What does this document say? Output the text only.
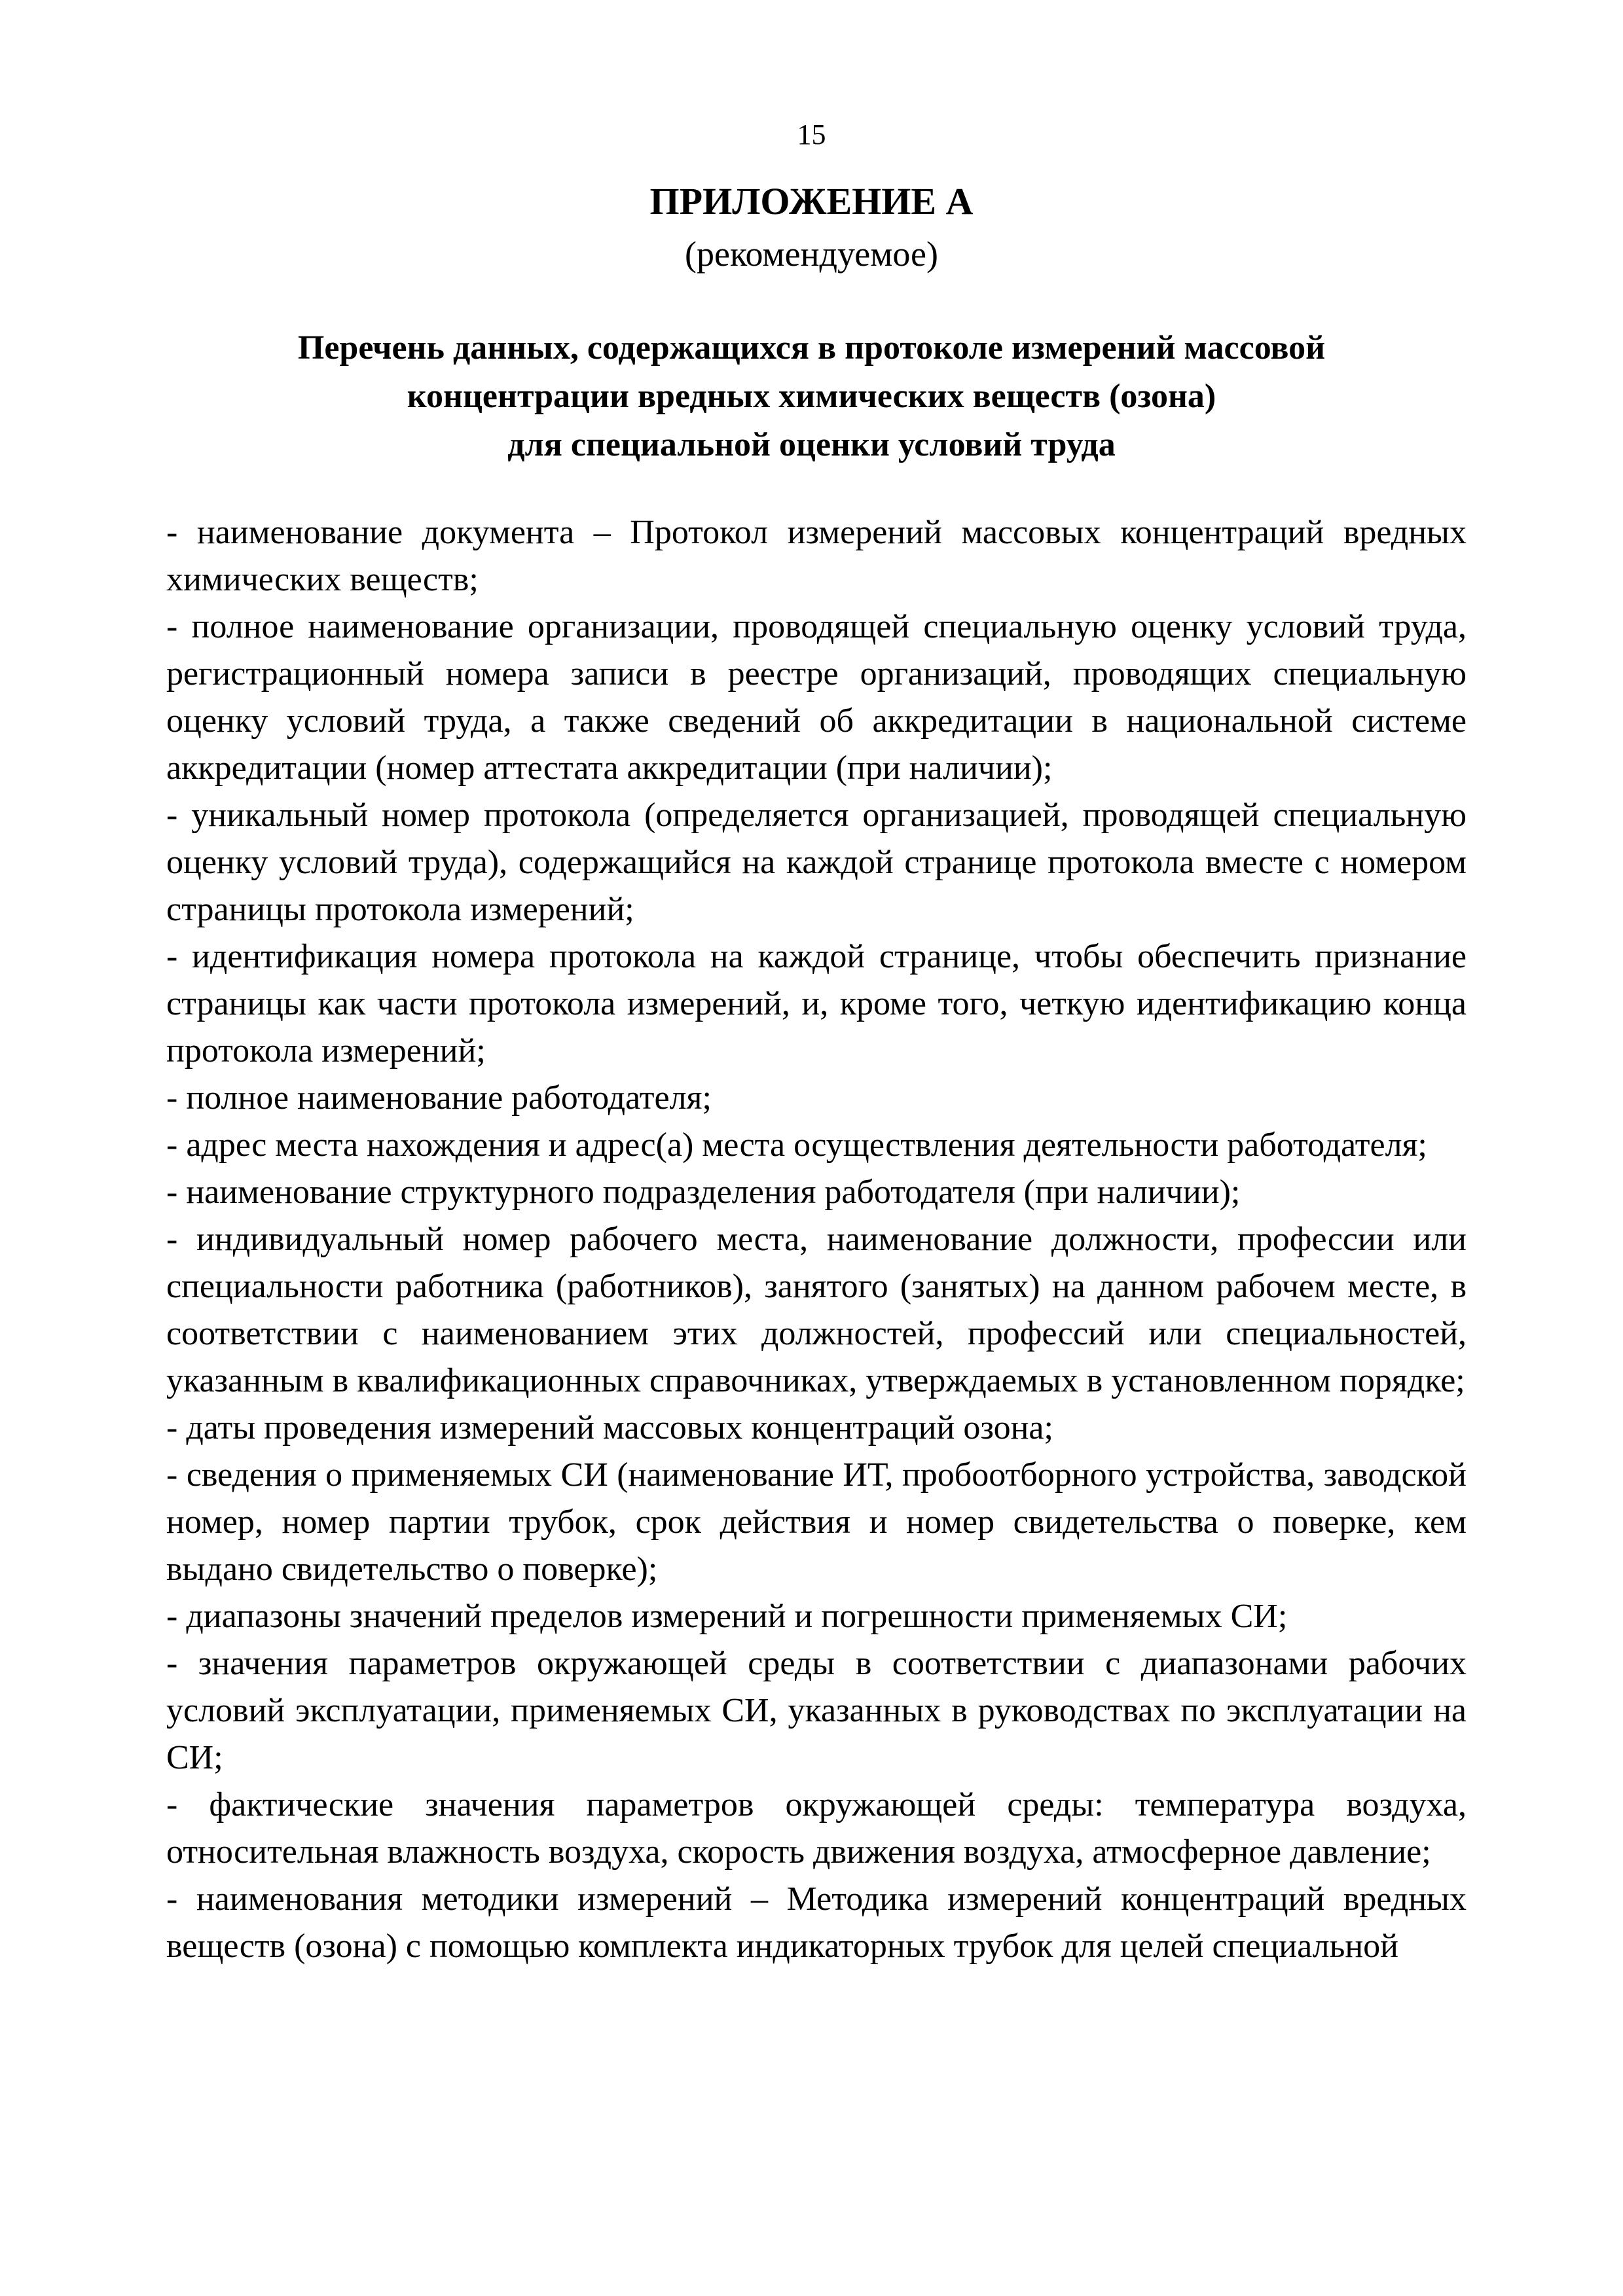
15
ПРИЛОЖЕНИЕ А
(рекомендуемое)
Перечень данных, содержащихся в протоколе измерений массовой
концентрации вредных химических веществ (озона)
для специальной оценки условий труда

- наименование документа – Протокол измерений массовых концентраций вредных химических веществ;

- полное наименование организации, проводящей специальную оценку условий труда, регистрационный номера записи в реестре организаций, проводящих специальную оценку условий труда, а также сведений об аккредитации в национальной системе аккредитации (номер аттестата аккредитации (при наличии);

- уникальный номер протокола (определяется организацией, проводящей специальную оценку условий труда), содержащийся на каждой странице протокола вместе с номером страницы протокола измерений;

- идентификация номера протокола на каждой странице, чтобы обеспечить признание страницы как части протокола измерений, и, кроме того, четкую идентификацию конца протокола измерений;

- полное наименование работодателя;

- адрес места нахождения и адрес(а) места осуществления деятельности работодателя;

- наименование структурного подразделения работодателя (при наличии);

- индивидуальный номер рабочего места, наименование должности, профессии или специальности работника (работников), занятого (занятых) на данном рабочем месте, в соответствии с наименованием этих должностей, профессий или специальностей, указанным в квалификационных справочниках, утверждаемых в установленном порядке;

- даты проведения измерений массовых концентраций озона;

- сведения о применяемых СИ (наименование ИТ, пробоотборного устройства, заводской номер, номер партии трубок, срок действия и номер свидетельства о поверке, кем выдано свидетельство о поверке);

- диапазоны значений пределов измерений и погрешности применяемых СИ;

- значения параметров окружающей среды в соответствии с диапазонами рабочих условий эксплуатации, применяемых СИ, указанных в руководствах по эксплуатации на СИ;

- фактические значения параметров окружающей среды: температура воздуха, относительная влажность воздуха, скорость движения воздуха, атмосферное давление;

- наименования методики измерений – Методика измерений концентраций вредных веществ (озона) с помощью комплекта индикаторных трубок для целей специальной
